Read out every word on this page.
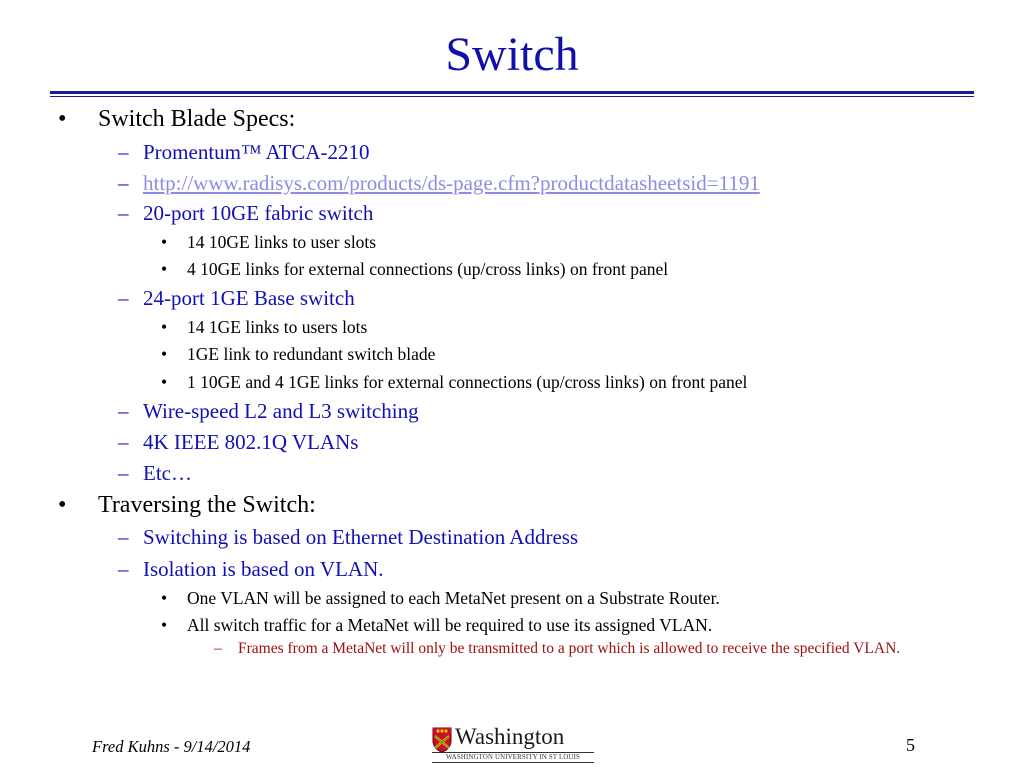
Switch
• Switch Blade Specs:
– Promentum™ ATCA-2210
– http://www.radisys.com/products/ds-page.cfm?productdatasheetsid=1191
– 20-port 10GE fabric switch
• 14 10GE links to user slots
• 4 10GE links for external connections (up/cross links) on front panel
– 24-port 1GE Base switch
• 14 1GE links to users lots
• 1GE link to redundant switch blade
• 1 10GE and 4 1GE links for external connections (up/cross links) on front panel
– Wire-speed L2 and L3 switching
– 4K IEEE 802.1Q VLANs
– Etc…
• Traversing the Switch:
– Switching is based on Ethernet Destination Address
– Isolation is based on VLAN.
• One VLAN will be assigned to each MetaNet present on a Substrate Router.
• All switch traffic for a MetaNet will be required to use its assigned VLAN.
– Frames from a MetaNet will only be transmitted to a port which is allowed to receive the specified VLAN.
Fred Kuhns - 9/14/2014	Washington
WASHINGTON UNIVERSITY IN ST LOUIS
5
